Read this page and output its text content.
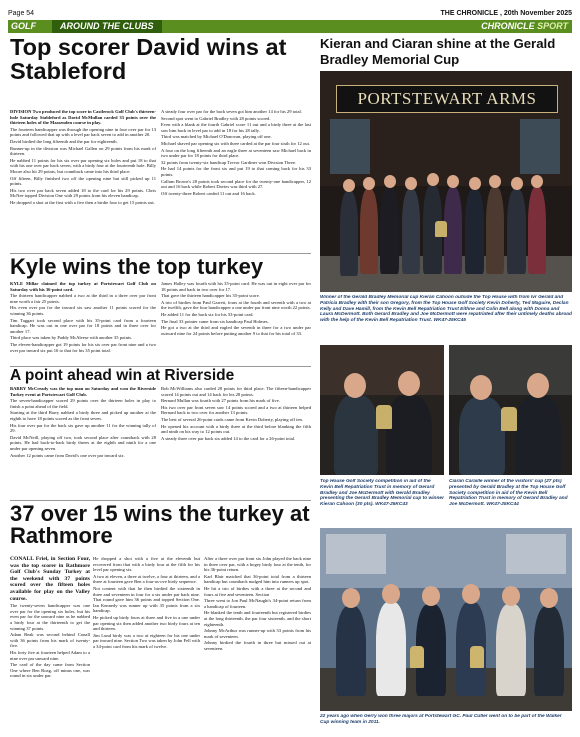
Page 54	THE CHRONICLE , 20th November 2025
GOLF	AROUND THE CLUBS	CHRONICLE SPORT
Top scorer David wins at Stableford

DIVISION Two produced the top score in Castlerock Golf Club's thirteen-hole Saturday Stableford as David McMullan carded 33 points over the thirteen holes of the Massenden course in play.

The fourteen handicapper was through the opening nine in four over par for 13 points and followed that up with a level par back seven to add in another 20.

David birdied the long fifteenth and the par for eighteenth.

Runner-up in the division was Michael Gallen on 29 points from his mark of thirteen.

He nabbed 11 points for his six over par opening six holes and put 18 to that with his one over par back seven, with a birdy four at the fourteenth hole. Billy Moore also hit 29 points, but countback came into his third place.

Off fifteen, Billy finished two off the opening nine but still picked up 11 points.

His two over par back seven added 18 to the card for his 29 points. Chris McNee topped Division One with 29 points from his eleven handicap.

He dropped a shot at the first with a five then a birdie four to get 15 points out.

A steady four over par for the back seven got him another 14 for his 29 total.

Second spot went to Gabriel Bradley with 28 points scored.

Even with a blank at the fourth Gabriel score 11 out and a birdy three at the last saw him back in level par to add in 18 for his 28 tally.

Third was matched by Michael O'Donovan, playing off one.

Michael shaved par opening six with three carded at the par four sixth for 12 out.

A four on the long fifteenth and an eagle three at seventeen saw Michael back in two under par for 18 points for third place.

32 points from twenty-six handicap Trevor Gardiner won Division Three.

He had 14 points for the front six and put 19 to that coming back for his 33 points.

Callum Brown's 28 points took second place for the twenty-one handicapper, 12 out and 16 back while Robert Davies was third with 27.

Off twenty-three Robert carded 11 out and 16 back.

Kyle wins the top turkey

KYLE Millar claimed the top turkey at Portstewart Golf Club on Saturday with his 36-point card.

The thirteen handicapper nabbed a two at the third in a three over par front nine worth a fair 25 points.

His even over par for the inward six saw another 11 points scored for the winning 36 points.

Tim Taggart took second place with his 35-point card from a fourteen handicap. He was out in one over par for 18 points and in three over for another 17.

Third place was taken by Paddy McAleese with another 35 points.

The eleven-handicapper got 19 points for his six over par front nine and a two over par inward six put 16 to that for his 35 point total.

James Halley was fourth with his 35-point card. He was out in eight over par for 18 points and back in two over for 17.

That gave the thirteen handicapper his 35-point score.

A trio of birdies from Paul Garrett, fours at the fourth and seventh with a two at the twelfth, gave the four handicapper a one under par front nine worth 22 points.

He added 11 for the back six for his 33-point card.

The final 33 pointer came from six handicap Paul Holmes.

He got a two at the third and eagled the seventh in three for a two under par outward nine for 24 points before putting another 9 to that for his total of 33.

A point ahead win at Riverside

BARRY McCready was the top man on Saturday and won the Riverside Turkey event at Portstewart Golf Club.

The seven-handicapper scored 29 points over the thirteen holes in play to finish a point ahead of the field.

Starting at the third Barry nabbed a birdy three and picked up another at the eighth to have 18 points scored as the front seven.

His four over par for the back six gave up another 11 for the winning tally of 29.

David McNeill, playing off two, took second place after countback with 28 points. He had back-to-back birdy threes at the eighth and ninth for a one under par opening seven.

Another 12 points came from David's one over par inward six.

Bob McWilliams also carded 28 points for third place. The fifteen-handicapper scored 14 points out and 14 back for his 28 points.

Bernard Mullan was fourth with 27 points from his mark of five.

His two over par front seven saw 14 points scored and a two at thirteen helped Bernard back to two over for another 13 points.

The best of several 26-point cards came from Kevin Doherty, playing off ten.

He opened his account with a birdy three at the third before blanking the fifth and ninth on his way to 12 points out.

A steady three over par back six added 14 to the card for a 26-point total.

37 over 15 wins the turkey at Rathmore

CONALL Friel, in Section Four, was the top scorer in Rathmore Golf Club's Sunday Turkey at the weekend with 37 points scored over the fifteen holes available for play on the Valley course.

The twenty-seven handicapper was one over par for the opening six holes, but his even par for the unward nine as he nabbed a birdy four at the thirteenth to get the winning 37 points.

Adam Beak was second behind Conall with 36 points from his mark of twenty-five.

His forty five at fourteen helped Adam to a nine over par unward nine.

The card of the day came from Section One where Ben Boag, off minus one, was round in six under par.

He dropped a shot with a five at the eleventh but recovered from that with a birdy four at the fifth for his level par opening six.

A two at eleven, a three at twelve, a four at thirteen, and a three at fourteen gave Ben a four-as-ove birdy sequence.

Not content with that he then birdied the sixteenth in three and seventeen in four for a six under par back nine. That round gave him 36 points and topped Section One. Ian Kennedy was runner up with 35 points from a six handicap.

He picked up birdy fours at three and five in a one under par opening six then added another two birdy fours at ten and thirteen.

Jim Lund birdy was a two at eighteen for his one under par inward nine. Section Two was taken by John Fell with a 34-point card from his mark of twelve.

After a three over par front six John played the back nine in three over par, with a bogey birdy four at the tenth, for his 36-point return.

Karl Blair matched that 36-point total from a thirteen handicap but countback nudged him into runners up spot.

He hit a trio of birdies with a three at the second and fours at five and seventeen. Section

Three went to Jon Paul McNaught's 34-point return from a handicap of fourteen.

He blanked the tenth and fourteenth but registered birdies at the long thirteenth, the par four sixteenth, and the short eighteenth.

Johnny McArthur was runner-up with 33 points from his mark of seventeen.

Johnny birdied the fourth in three but missed out at seventeen.

Kieran and Ciaran shine at the Gerald Bradley Memorial Cup
PORTSTEWART ARMS
Winner of the Gerald Bradley Memorial cup Kieran Cahoon outside the Top House with from Ivr Gerald and Patricia Bradley with their son Gregory, from the Top House Golf Society Kevin Doherty, Ted Maguire, Declan Kelly and Dave Hamill, from the Kevin Bell Repatriation Trust Eithne and Colin Bell along with Donna and Laura McDermott. Both Gerard Bradley and Joe McDermott were repatriated after their untimely deaths abroad with the help of the Kevin Bell Repatriation Trust. WK47-25KC45
Top House Golf Society competition in aid of the Kevin Bell Repatriation Trust in memory of Gerard Bradley and Joe McDermott with Gerald Bradley presenting the Gerard Bradley Memorial cup to winner Kieran Cahoon (30 pts). WK47-25KC43
Ciaran Caraille winner of the visitors' cup (27 pts) presented by Gerald Bradley at the Top House Golf Society competition in aid of the Kevin Bell Repatriation Trust in memory of Gerard Bradley and Joe McDermott. WK47-25KC44
22 years ago when Gerry won three majors at Portstewart GC. Paul Cutler went on to be part of the Walker Cup winning team in 2011.
